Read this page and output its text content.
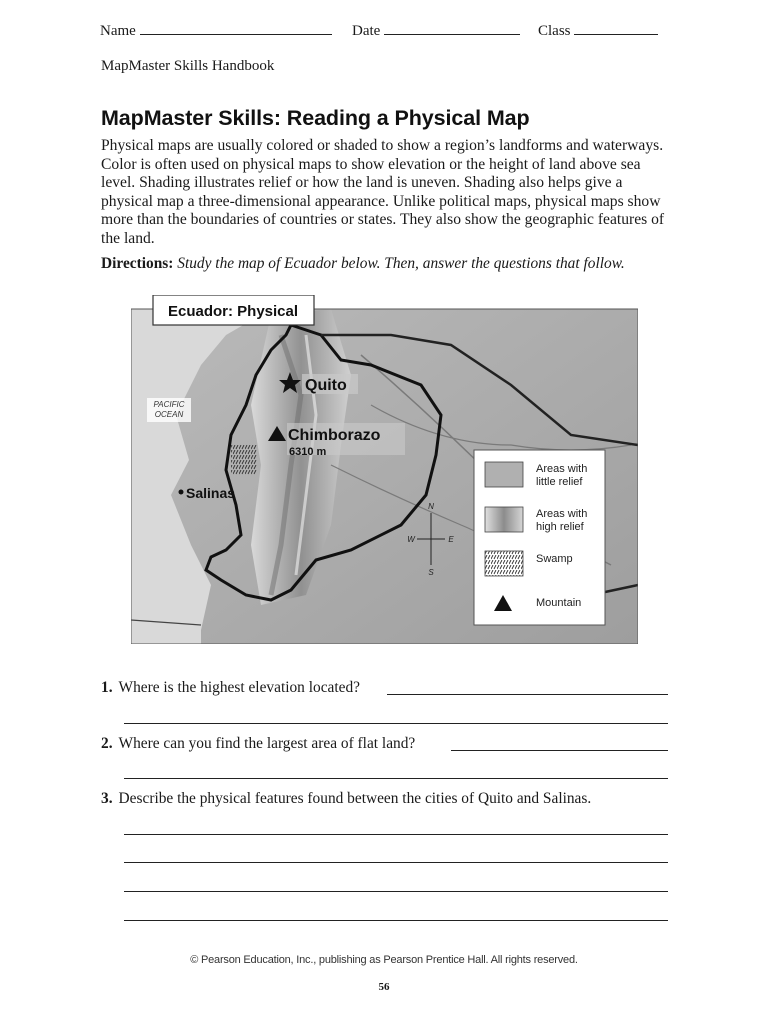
Name	Date	Class
MapMaster Skills Handbook
MapMaster Skills: Reading a Physical Map
Physical maps are usually colored or shaded to show a region’s landforms and waterways. Color is often used on physical maps to show elevation or the height of land above sea level. Shading illustrates relief or how the land is uneven. Shading also helps give a physical map a three-dimensional appearance. Unlike political maps, physical maps show more than the boundaries of countries or states. They also show the geographic features of the land.
Directions: Study the map of Ecuador below. Then, answer the questions that follow.
Ecuador: Physical
PACIFIC
OCEAN
Quito
Chimborazo
6310 m
Salinas
N
S
E
W
Areas with
little relief
Areas with
high relief
Swamp
Mountain
1. Where is the highest elevation located?
2. Where can you find the largest area of flat land?
3. Describe the physical features found between the cities of Quito and Salinas.
© Pearson Education, Inc., publishing as Pearson Prentice Hall. All rights reserved.
56
